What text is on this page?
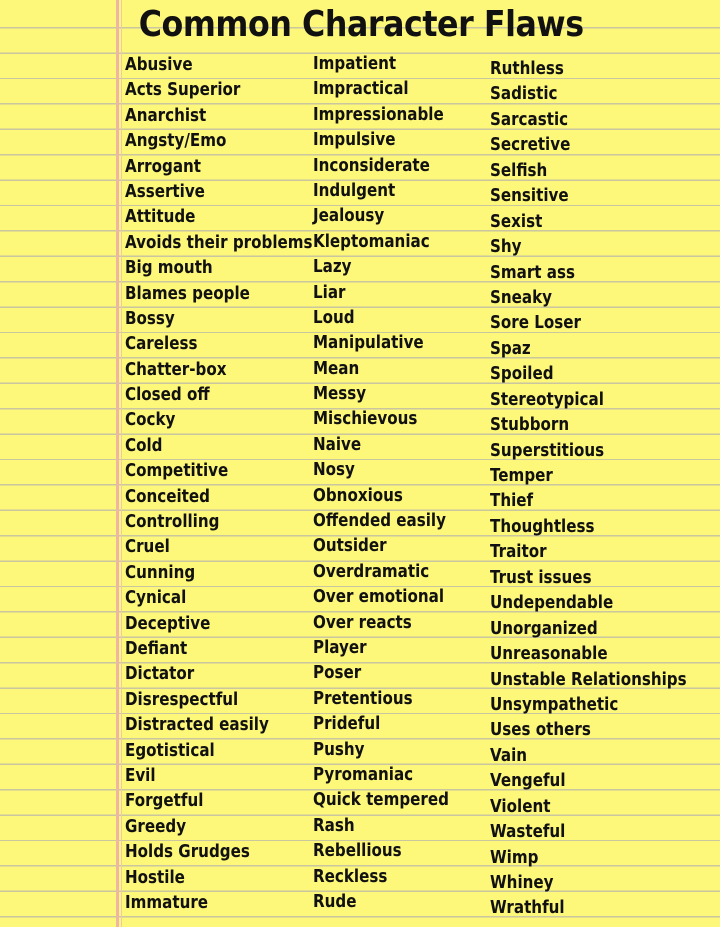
Common Character Flaws
Abusive
Acts Superior
Anarchist
Angsty/Emo
Arrogant
Assertive
Attitude
Avoids their problems
Big mouth
Blames people
Bossy
Careless
Chatter-box
Closed off
Cocky
Cold
Competitive
Conceited
Controlling
Cruel
Cunning
Cynical
Deceptive
Defiant
Dictator
Disrespectful
Distracted easily
Egotistical
Evil
Forgetful
Greedy
Holds Grudges
Hostile
Immature
Impatient
Impractical
Impressionable
Impulsive
Inconsiderate
Indulgent
Jealousy
Kleptomaniac
Lazy
Liar
Loud
Manipulative
Mean
Messy
Mischievous
Naive
Nosy
Obnoxious
Offended easily
Outsider
Overdramatic
Over emotional
Over reacts
Player
Poser
Pretentious
Prideful
Pushy
Pyromaniac
Quick tempered
Rash
Rebellious
Reckless
Rude
Ruthless
Sadistic
Sarcastic
Secretive
Selfish
Sensitive
Sexist
Shy
Smart ass
Sneaky
Sore Loser
Spaz
Spoiled
Stereotypical
Stubborn
Superstitious
Temper
Thief
Thoughtless
Traitor
Trust issues
Undependable
Unorganized
Unreasonable
Unstable Relationships
Unsympathetic
Uses others
Vain
Vengeful
Violent
Wasteful
Wimp
Whiney
Wrathful
